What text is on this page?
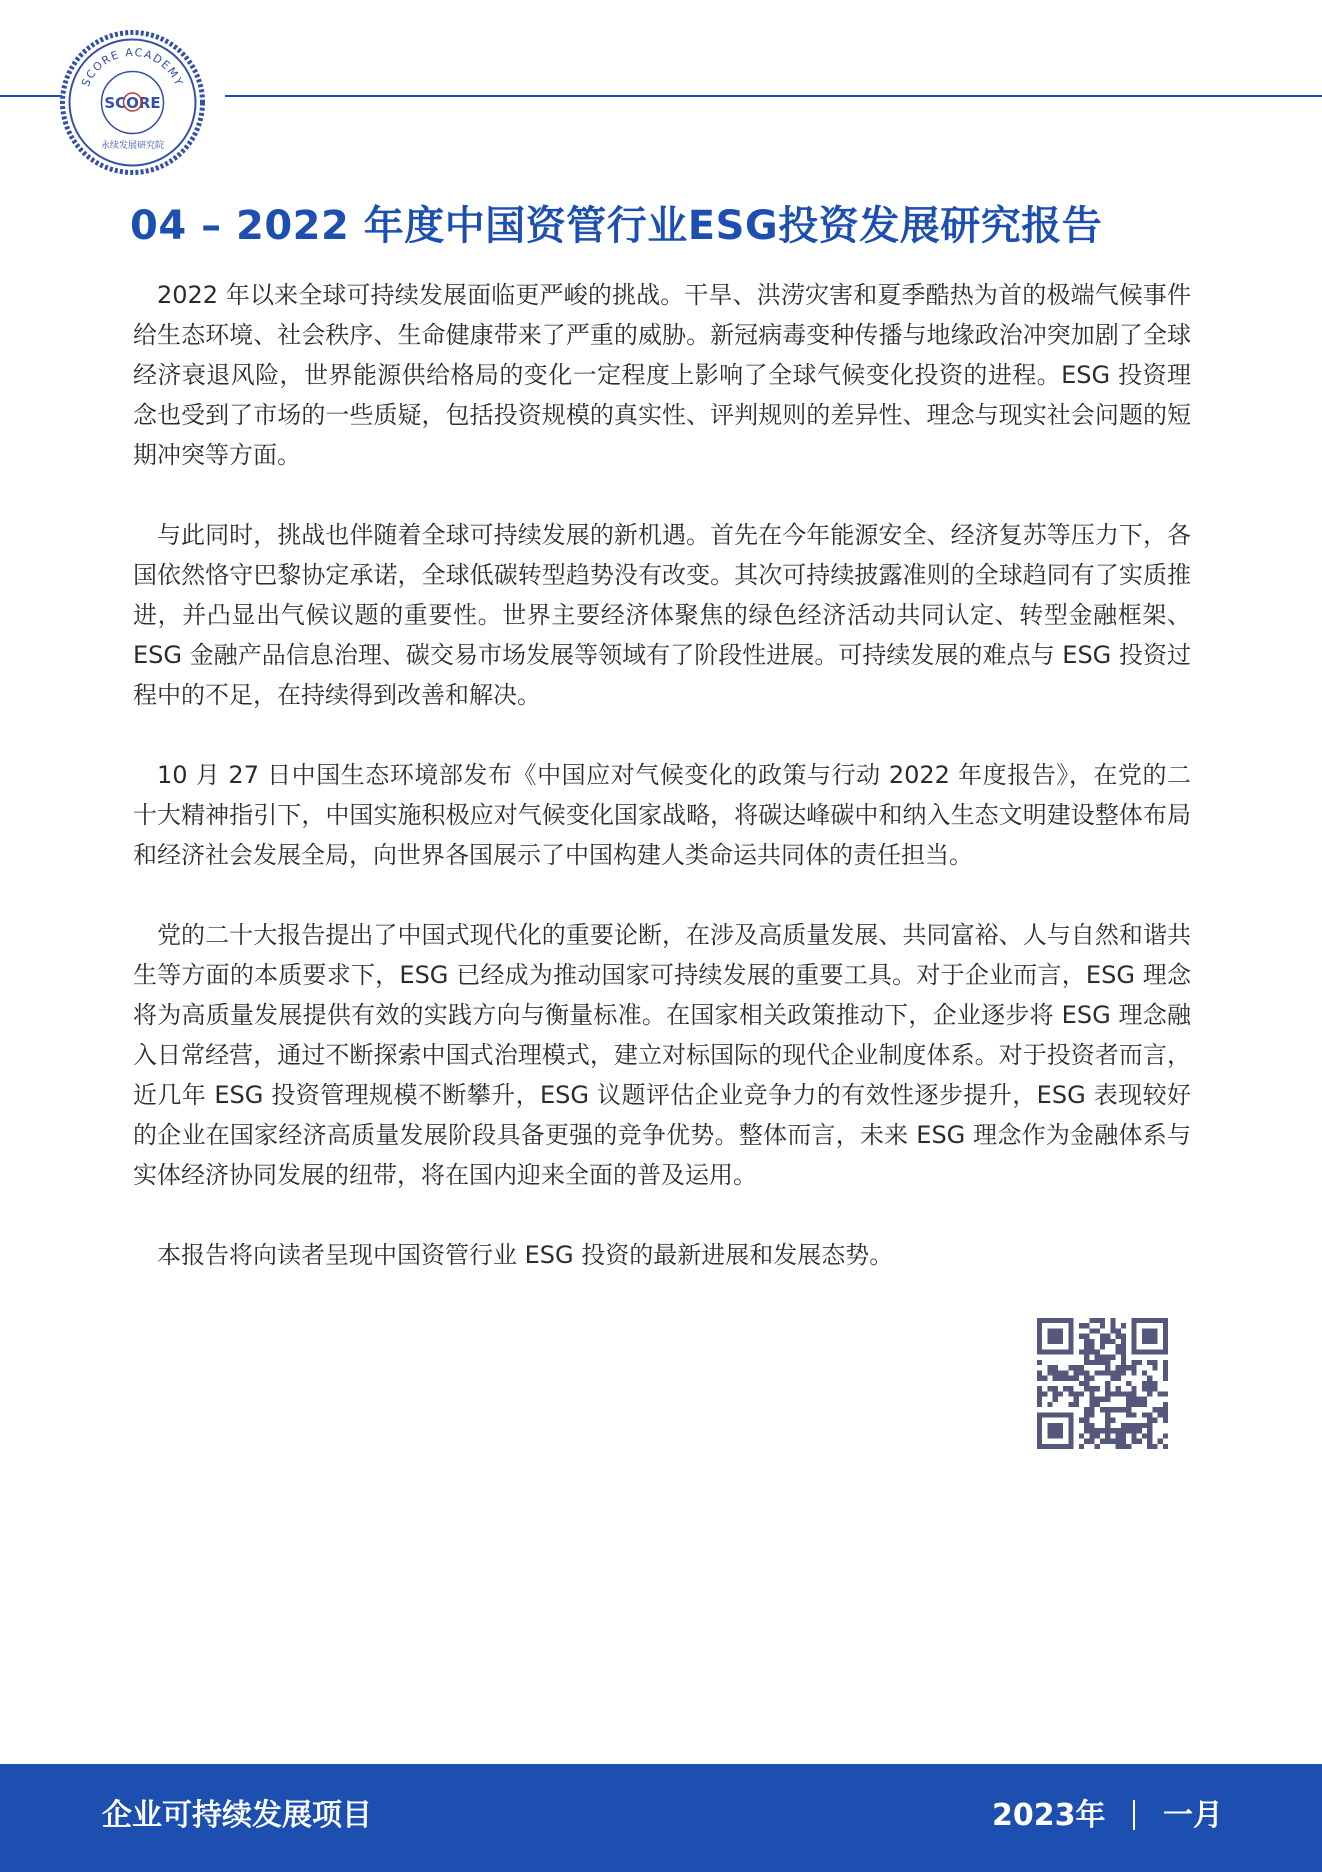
SCORE ACADEMY
SCORE
永续发展研究院
04 – 2022 年度中国资管行业ESG投资发展研究报告

2022 年以来全球可持续发展面临更严峻的挑战。干旱、洪涝灾害和夏季酷热为首的极端气候事件给生态环境、社会秩序、生命健康带来了严重的威胁。新冠病毒变种传播与地缘政治冲突加剧了全球经济衰退风险，世界能源供给格局的变化一定程度上影响了全球气候变化投资的进程。ESG 投资理念也受到了市场的一些质疑，包括投资规模的真实性、评判规则的差异性、理念与现实社会问题的短期冲突等方面。

与此同时，挑战也伴随着全球可持续发展的新机遇。首先在今年能源安全、经济复苏等压力下，各国依然恪守巴黎协定承诺，全球低碳转型趋势没有改变。其次可持续披露准则的全球趋同有了实质推进，并凸显出气候议题的重要性。世界主要经济体聚焦的绿色经济活动共同认定、转型金融框架、ESG 金融产品信息治理、碳交易市场发展等领域有了阶段性进展。可持续发展的难点与 ESG 投资过程中的不足，在持续得到改善和解决。

10 月 27 日中国生态环境部发布《中国应对气候变化的政策与行动 2022 年度报告》，在党的二十大精神指引下，中国实施积极应对气候变化国家战略，将碳达峰碳中和纳入生态文明建设整体布局和经济社会发展全局，向世界各国展示了中国构建人类命运共同体的责任担当。

党的二十大报告提出了中国式现代化的重要论断，在涉及高质量发展、共同富裕、人与自然和谐共生等方面的本质要求下，ESG 已经成为推动国家可持续发展的重要工具。对于企业而言，ESG 理念将为高质量发展提供有效的实践方向与衡量标准。在国家相关政策推动下，企业逐步将 ESG 理念融入日常经营，通过不断探索中国式治理模式，建立对标国际的现代企业制度体系。对于投资者而言，近几年 ESG 投资管理规模不断攀升，ESG 议题评估企业竞争力的有效性逐步提升，ESG 表现较好的企业在国家经济高质量发展阶段具备更强的竞争优势。整体而言，未来 ESG 理念作为金融体系与实体经济协同发展的纽带，将在国内迎来全面的普及运用。

本报告将向读者呈现中国资管行业 ESG 投资的最新进展和发展态势。

企业可持续发展项目	2023年 一月
